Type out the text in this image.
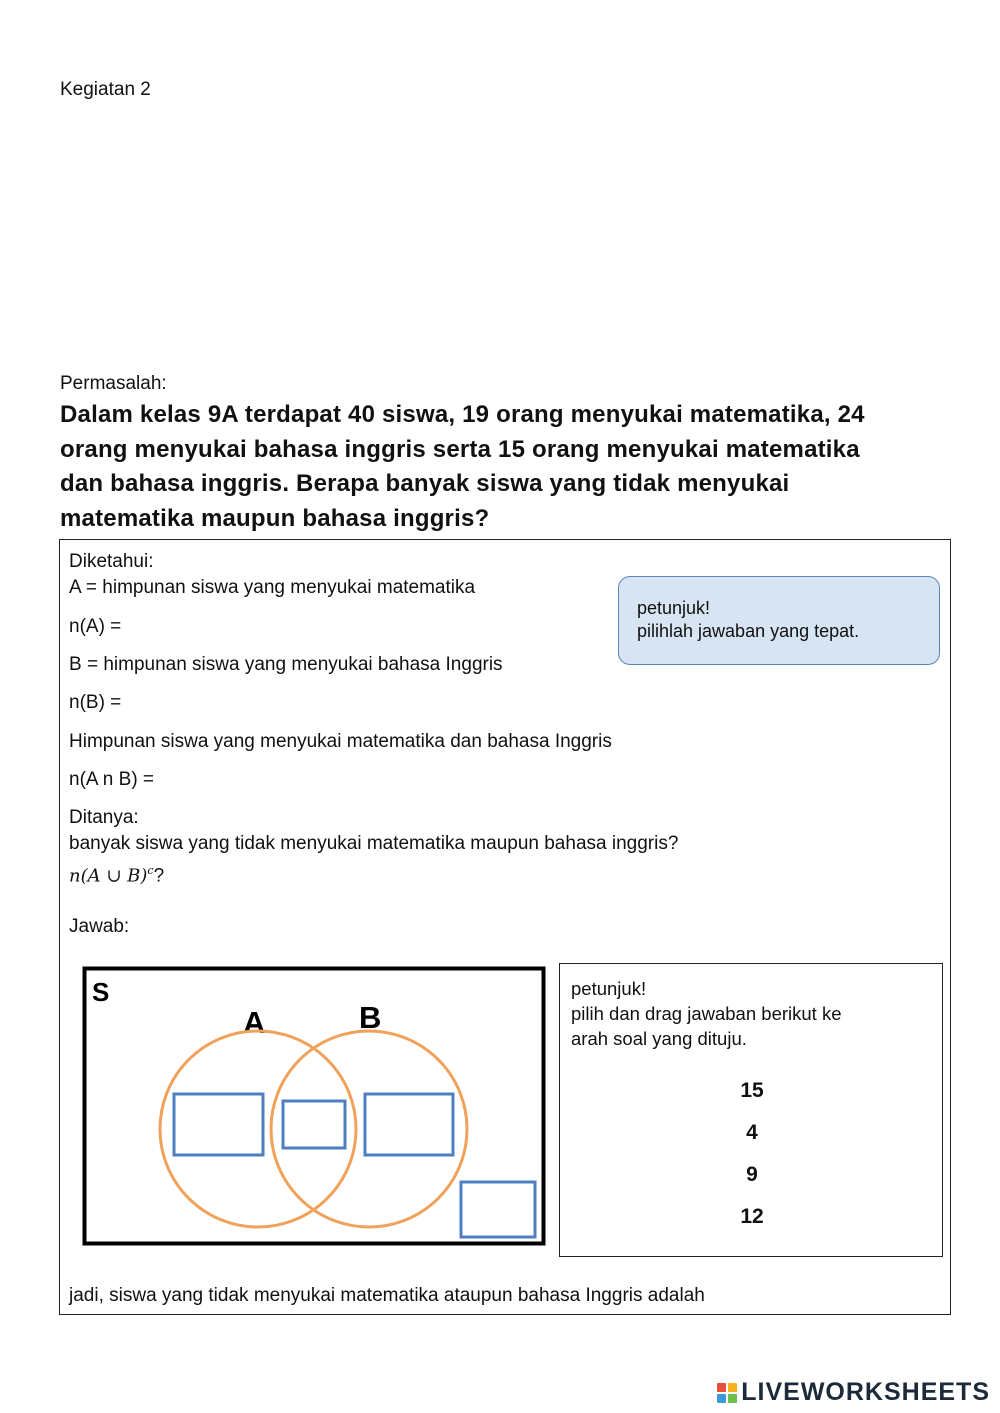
Kegiatan 2
Permasalah:
Dalam kelas 9A terdapat 40 siswa, 19 orang menyukai matematika, 24
orang menyukai bahasa inggris serta 15 orang menyukai matematika
dan bahasa inggris. Berapa banyak siswa yang tidak menyukai
matematika maupun bahasa inggris?
Diketahui:
A = himpunan siswa yang menyukai matematika
n(A) =
B = himpunan siswa yang menyukai bahasa Inggris
n(B) =
Himpunan siswa yang menyukai matematika dan bahasa Inggris
n(A n B) =
petunjuk!
pilihlah jawaban yang tepat.
Ditanya:
banyak siswa yang tidak menyukai matematika maupun bahasa inggris?
n(A ∪ B)$^c$?
Jawab:
S
A	B
petunjuk!
pilih dan drag jawaban berikut ke
arah soal yang dituju.
15
4
9
12
jadi, siswa yang tidak menyukai matematika ataupun bahasa Inggris adalah
LIVEWORKSHEETS
